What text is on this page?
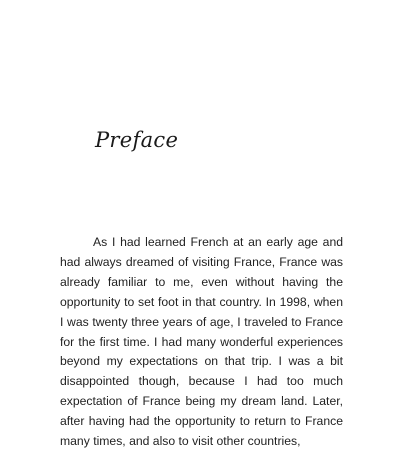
Preface

As I had learned French at an early age and had always dreamed of visiting France, France was already familiar to me, even without having the opportunity to set foot in that country. In 1998, when I was twenty three years of age, I traveled to France for the first time. I had many wonderful experiences beyond my expectations on that trip. I was a bit disappointed though, because I had too much expectation of France being my dream land. Later, after having had the opportunity to return to France many times, and also to visit other countries,
